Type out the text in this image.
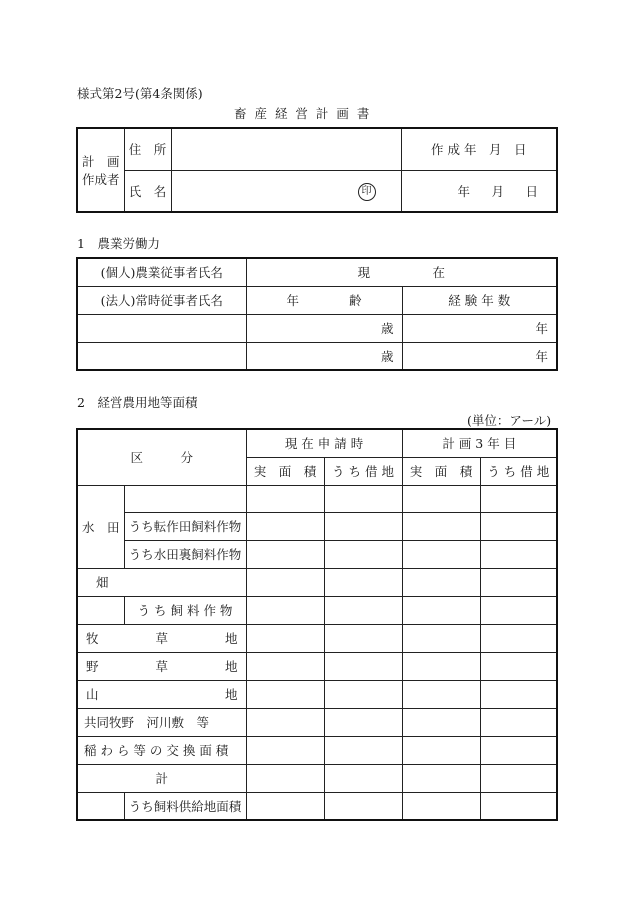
様式第2号(第4条関係)
畜 産 経 営 計 画 書
計　画
作成者	住　所		作 成 年　月　日
	氏　名	印	年 月 日
1　農業労働力
(個人)農業従事者氏名	現　　　　　在	
(法人)常時従事者氏名	年　　　　齢	経 験 年 数
	歳	年
	歳	年
2　経営農用地等面積
(単位：アール)
区　　　分		現 在 申 請 時		計 画 3 年 目	
		実　面　積	う ち 借 地	実　面　積	う ち 借 地
水　田					
	うち転作田飼料作物				
	うち水田裏飼料作物				
畑					
	う ち 飼 料 作 物				

牧 草 地					

野 草 地					

山 地					

共同牧野　河川敷　等					
稲 わ ら 等 の 交 換 面 積					
計					
	うち飼料供給地面積				
